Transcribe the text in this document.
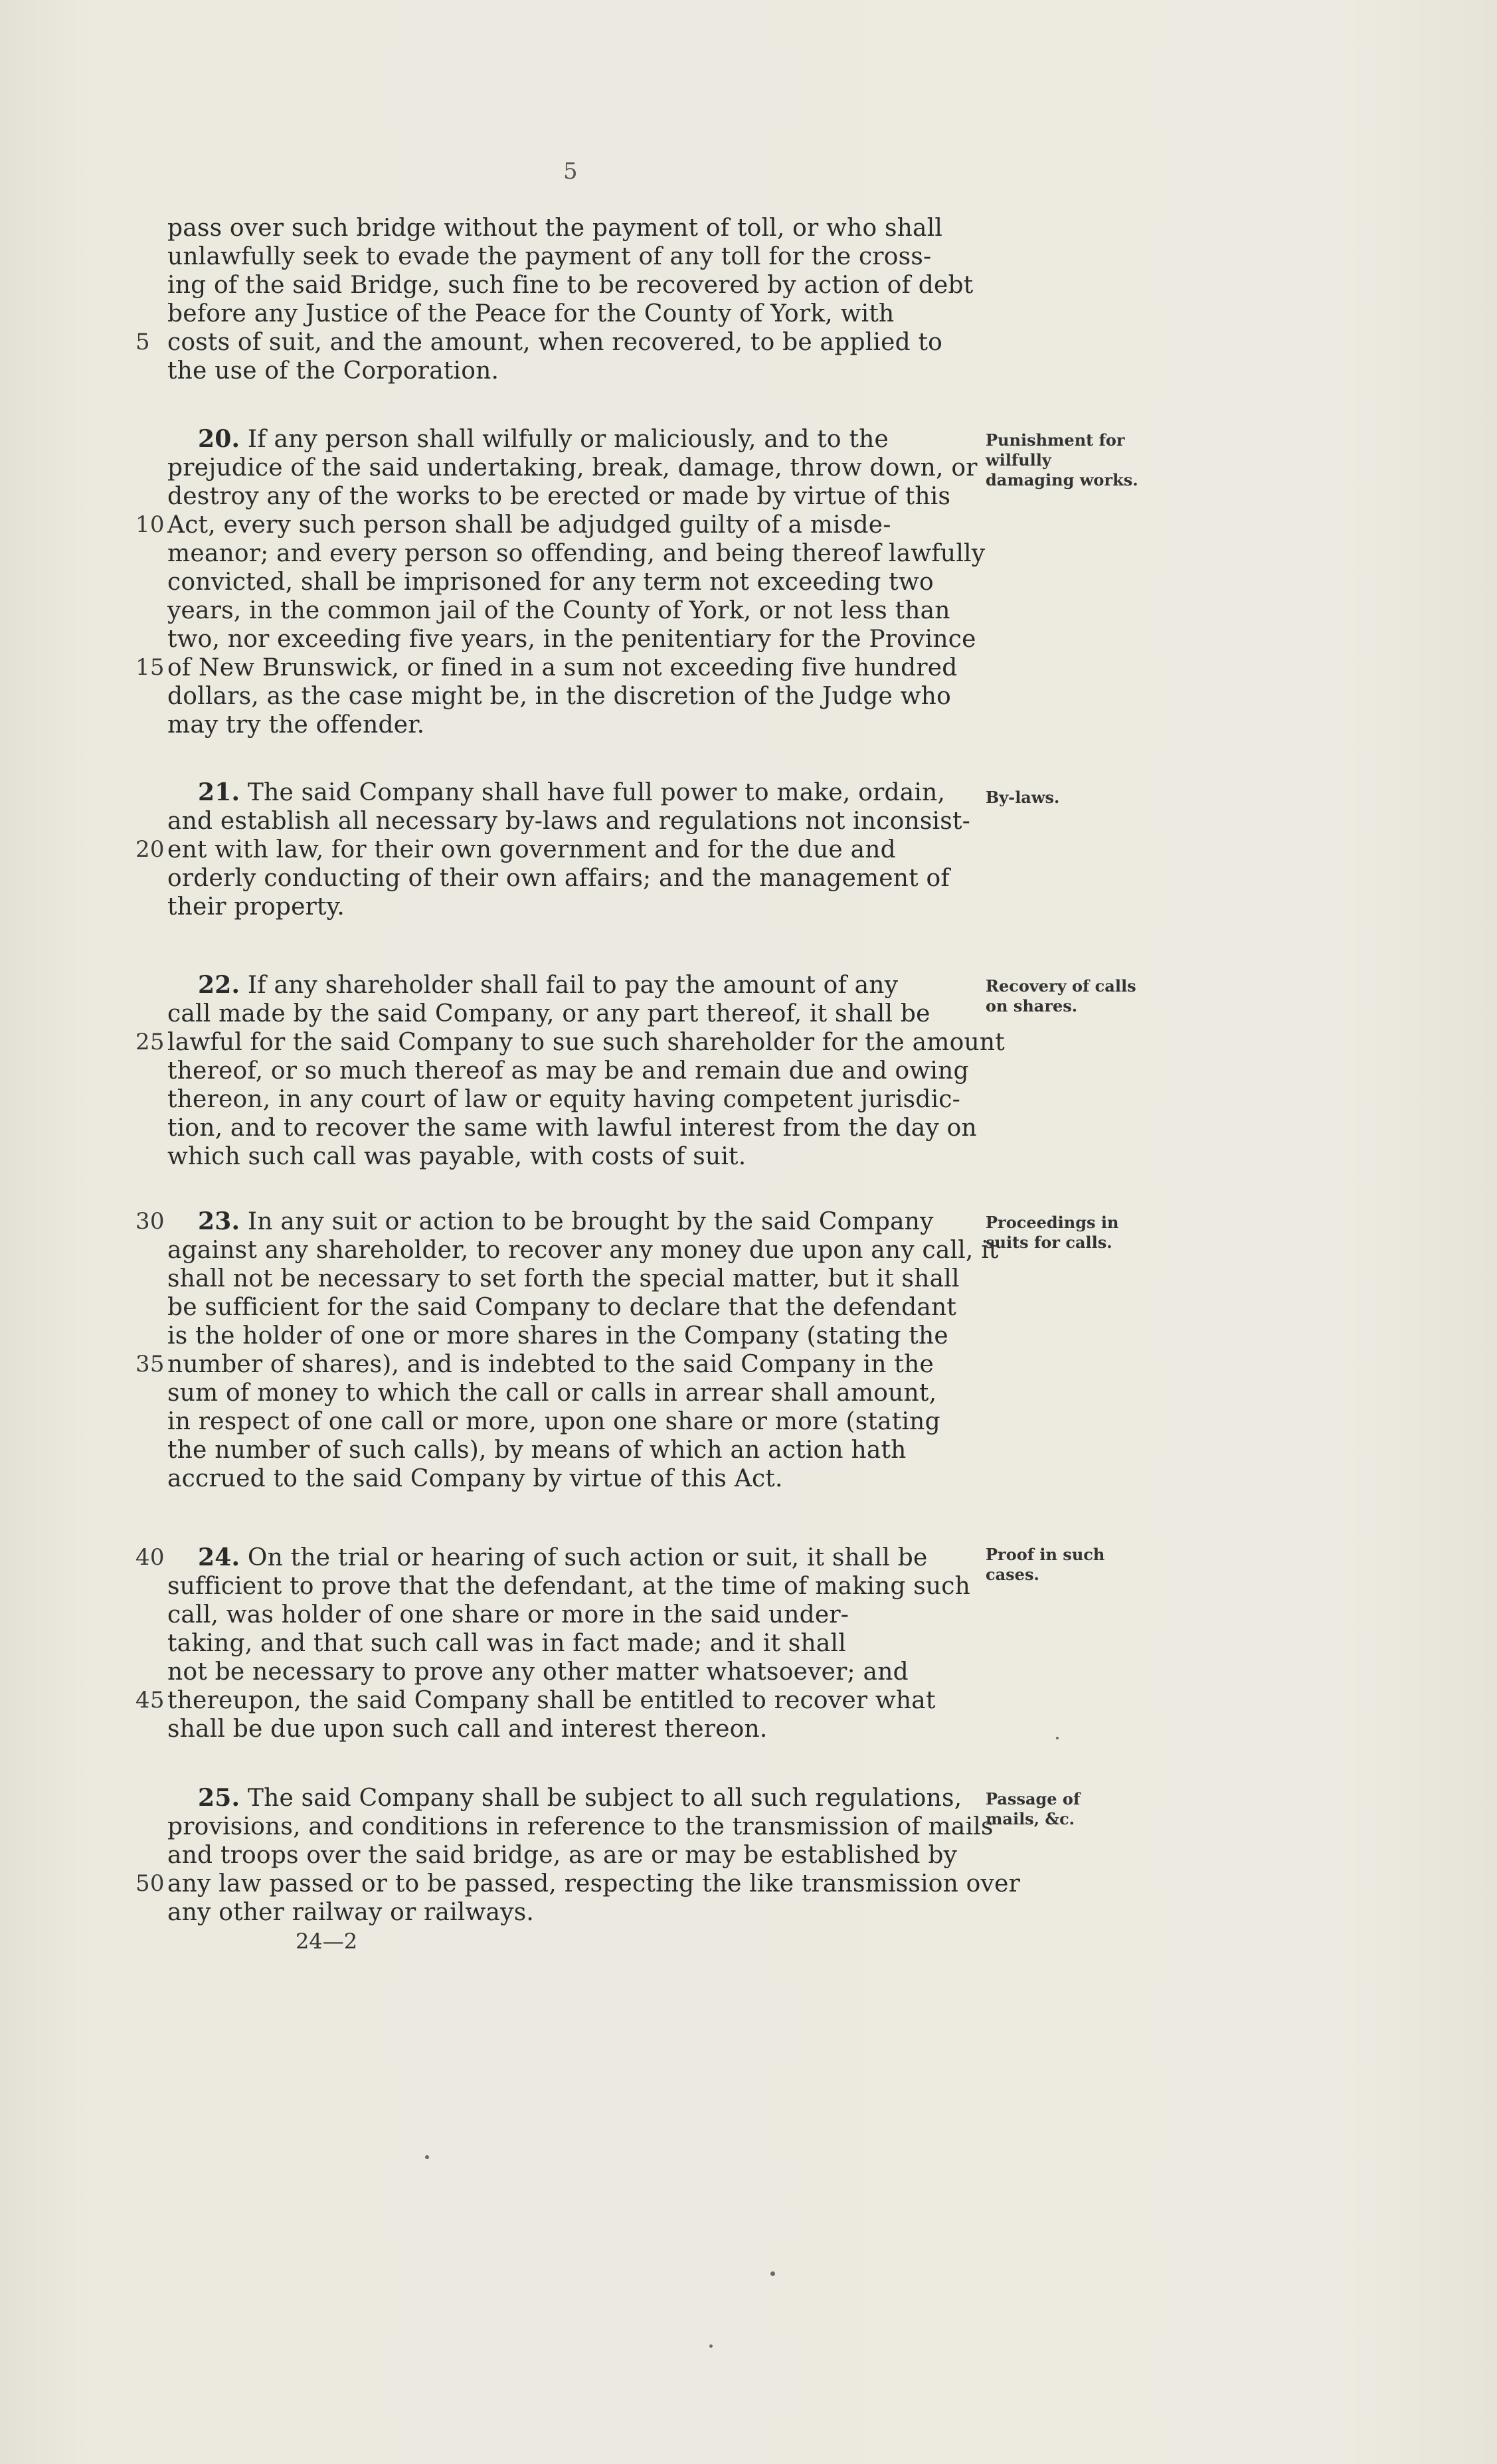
5
pass over such bridge without the payment of toll, or who shall
unlawfully seek to evade the payment of any toll for the cross-
ing of the said Bridge, such fine to be recovered by action of debt
before any Justice of the Peace for the County of York, with
5 costs of suit, and the amount, when recovered, to be applied to
the use of the Corporation.
20. If any person shall wilfully or maliciously, and to the
prejudice of the said undertaking, break, damage, throw down, or
destroy any of the works to be erected or made by virtue of this
10 Act, every such person shall be adjudged guilty of a misde-
meanor; and every person so offending, and being thereof lawfully
convicted, shall be imprisoned for any term not exceeding two
years, in the common jail of the County of York, or not less than
two, nor exceeding five years, in the penitentiary for the Province
15 of New Brunswick, or fined in a sum not exceeding five hundred
dollars, as the case might be, in the discretion of the Judge who
may try the offender.
Punishment for wilfully damaging works.
21. The said Company shall have full power to make, ordain,
and establish all necessary by-laws and regulations not inconsist-
20 ent with law, for their own government and for the due and
orderly conducting of their own affairs; and the management of
their property.
By-laws.
22. If any shareholder shall fail to pay the amount of any
call made by the said Company, or any part thereof, it shall be
25 lawful for the said Company to sue such shareholder for the amount
thereof, or so much thereof as may be and remain due and owing
thereon, in any court of law or equity having competent jurisdic-
tion, and to recover the same with lawful interest from the day on
which such call was payable, with costs of suit.
Recovery of calls on shares.
30 23. In any suit or action to be brought by the said Company
against any shareholder, to recover any money due upon any call, it
shall not be necessary to set forth the special matter, but it shall
be sufficient for the said Company to declare that the defendant
is the holder of one or more shares in the Company (stating the
35 number of shares), and is indebted to the said Company in the
sum of money to which the call or calls in arrear shall amount,
in respect of one call or more, upon one share or more (stating
the number of such calls), by means of which an action hath
accrued to the said Company by virtue of this Act.
Proceedings in suits for calls.
40 24. On the trial or hearing of such action or suit, it shall be
sufficient to prove that the defendant, at the time of making such
call, was holder of one share or more in the said under-
taking, and that such call was in fact made; and it shall
not be necessary to prove any other matter whatsoever; and
45 thereupon, the said Company shall be entitled to recover what
shall be due upon such call and interest thereon.
Proof in such cases.
25. The said Company shall be subject to all such regulations,
provisions, and conditions in reference to the transmission of mails
and troops over the said bridge, as are or may be established by
50 any law passed or to be passed, respecting the like transmission over
any other railway or railways.
Passage of mails, &c.
24—2
